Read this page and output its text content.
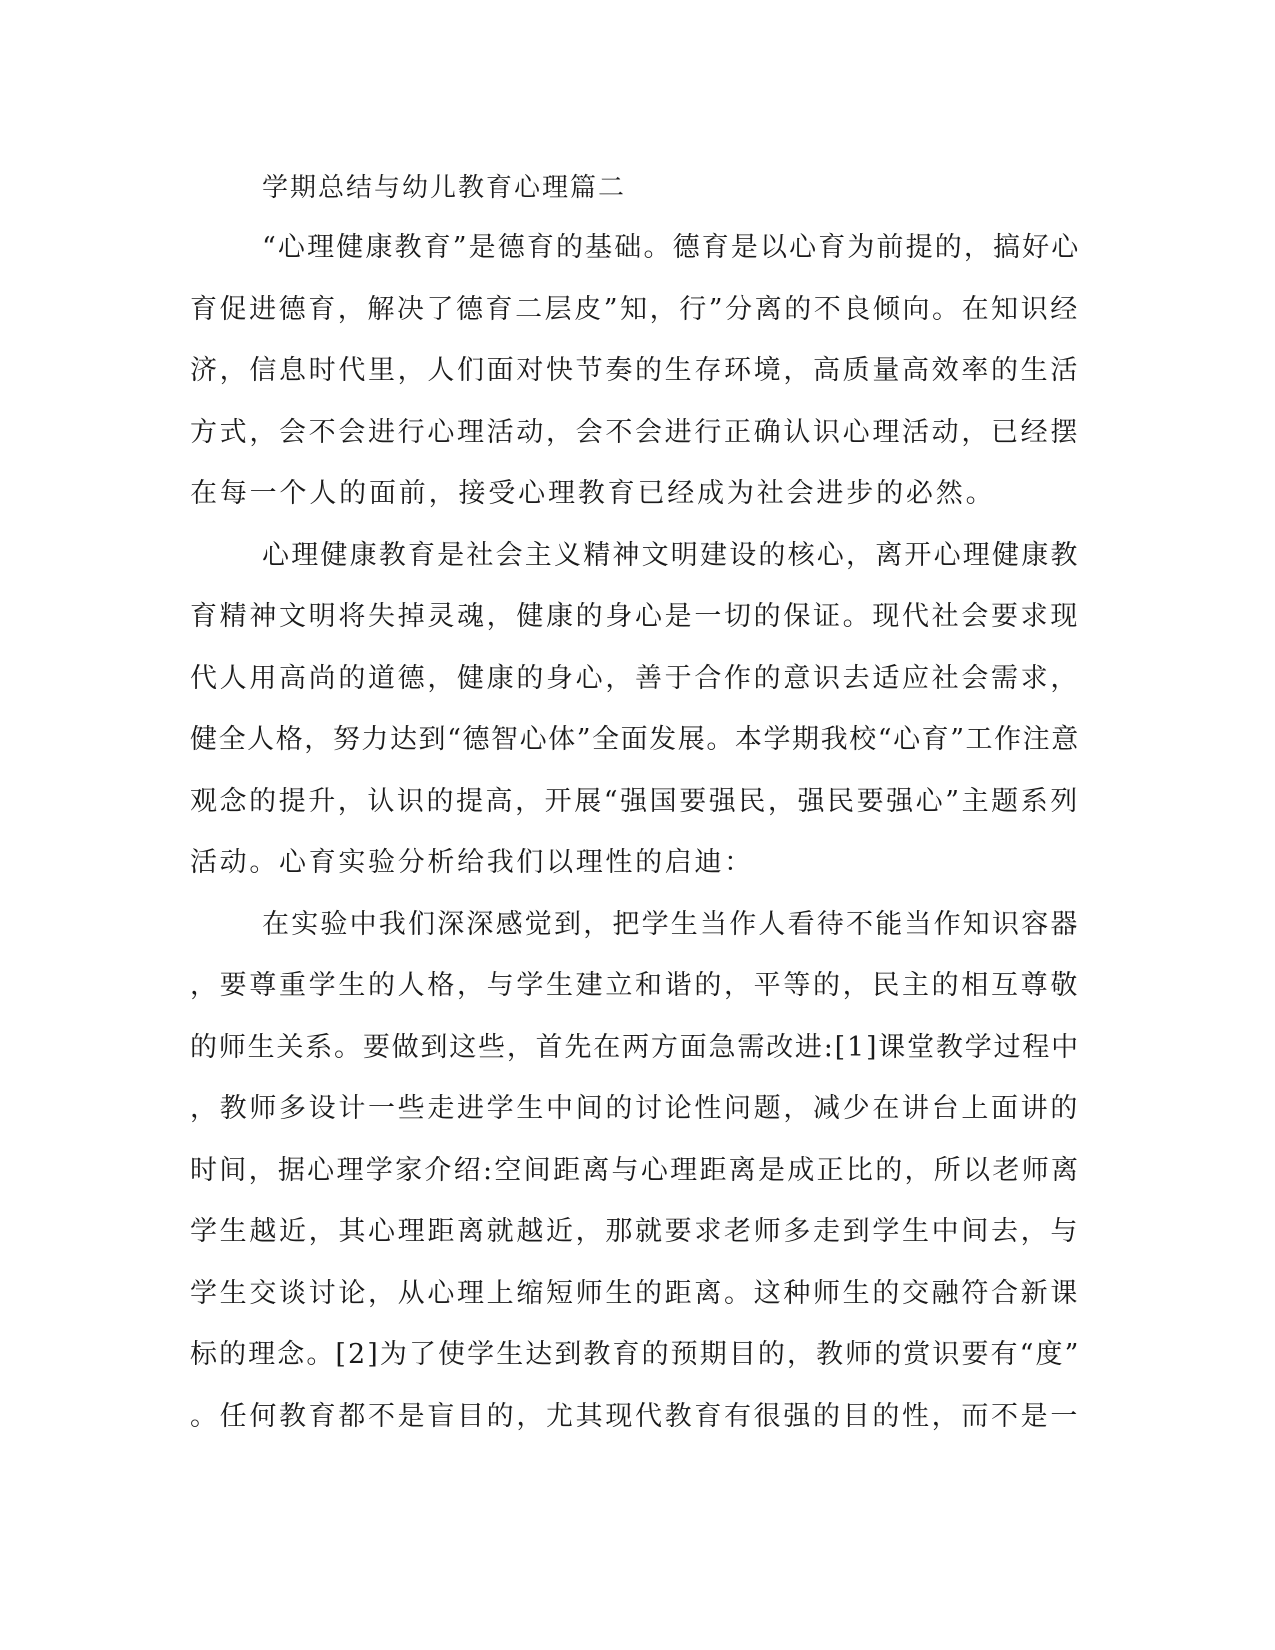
学期总结与幼儿教育心理篇二
“心理健康教育”是德育的基础。德育是以心育为前提的，搞好心
育促进德育，解决了德育二层皮”知，行”分离的不良倾向。在知识经
济，信息时代里，人们面对快节奏的生存环境，高质量高效率的生活
方式，会不会进行心理活动，会不会进行正确认识心理活动，已经摆
在每一个人的面前，接受心理教育已经成为社会进步的必然。
心理健康教育是社会主义精神文明建设的核心，离开心理健康教
育精神文明将失掉灵魂，健康的身心是一切的保证。现代社会要求现
代人用高尚的道德，健康的身心，善于合作的意识去适应社会需求，
健全人格，努力达到“德智心体”全面发展。本学期我校“心育”工作注意
观念的提升，认识的提高，开展“强国要强民，强民要强心”主题系列
活动。心育实验分析给我们以理性的启迪：
在实验中我们深深感觉到，把学生当作人看待不能当作知识容器
，要尊重学生的人格，与学生建立和谐的，平等的，民主的相互尊敬
的师生关系。要做到这些，首先在两方面急需改进:[1]课堂教学过程中
，教师多设计一些走进学生中间的讨论性问题，减少在讲台上面讲的
时间，据心理学家介绍:空间距离与心理距离是成正比的，所以老师离
学生越近，其心理距离就越近，那就要求老师多走到学生中间去，与
学生交谈讨论，从心理上缩短师生的距离。这种师生的交融符合新课
标的理念。[2]为了使学生达到教育的预期目的，教师的赏识要有“度”
。任何教育都不是盲目的，尤其现代教育有很强的目的性，而不是一
